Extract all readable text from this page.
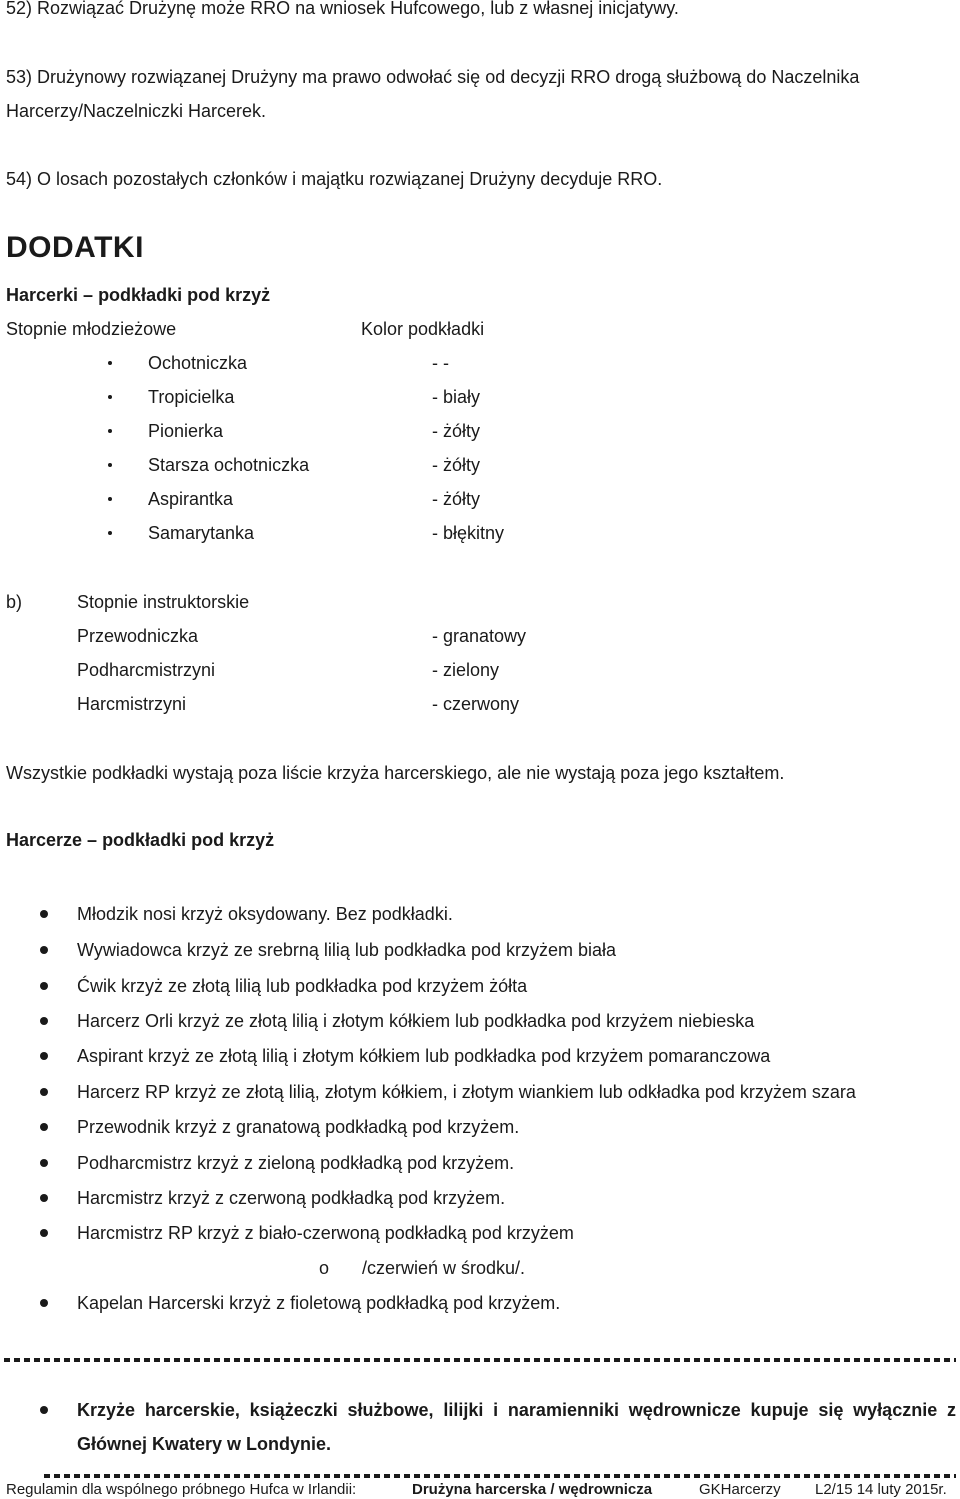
52) Rozwiązać Drużynę może RRO na wniosek Hufcowego, lub z własnej inicjatywy.
53) Drużynowy rozwiązanej Drużyny ma prawo odwołać się od decyzji RRO drogą służbową do Naczelnika
Harcerzy/Naczelniczki Harcerek.
54) O losach pozostałych członków i majątku rozwiązanej Drużyny decyduje RRO.
DODATKI
Harcerki – podkładki pod krzyż
Stopnie młodzieżowe	Kolor podkładki
Ochotniczka	- -
Tropicielka	- biały
Pionierka	- żółty
Starsza ochotniczka	- żółty
Aspirantka	- żółty
Samarytanka	- błękitny
b)	Stopnie instruktorskie
Przewodniczka	- granatowy
Podharcmistrzyni	- zielony
Harcmistrzyni	- czerwony
Wszystkie podkładki wystają poza liście krzyża harcerskiego, ale nie wystają poza jego kształtem.
Harcerze – podkładki pod krzyż
Młodzik nosi krzyż oksydowany. Bez podkładki.
Wywiadowca krzyż ze srebrną lilią lub podkładka pod krzyżem biała
Ćwik krzyż ze złotą lilią lub podkładka pod krzyżem żółta
Harcerz Orli krzyż ze złotą lilią i złotym kółkiem lub podkładka pod krzyżem niebieska
Aspirant krzyż ze złotą lilią i złotym kółkiem lub podkładka pod krzyżem pomaranczowa
Harcerz RP krzyż ze złotą lilią, złotym kółkiem, i złotym wiankiem lub odkładka pod krzyżem szara
Przewodnik krzyż z granatową podkładką pod krzyżem.
Podharcmistrz krzyż z zieloną podkładką pod krzyżem.
Harcmistrz krzyż z czerwoną podkładką pod krzyżem.
Harcmistrz RP krzyż z biało-czerwoną podkładką pod krzyżem
o /czerwień w środku/.
Kapelan Harcerski krzyż z fioletową podkładką pod krzyżem.
Krzyże harcerskie, książeczki służbowe, lilijki i naramienniki wędrownicze kupuje się wyłącznie z Głównej Kwatery w Londynie.
Regulamin dla wspólnego próbnego Hufca w Irlandii:	Drużyna harcerska / wędrownicza	GKHarcerzy L2/15 14 luty 2015r.
